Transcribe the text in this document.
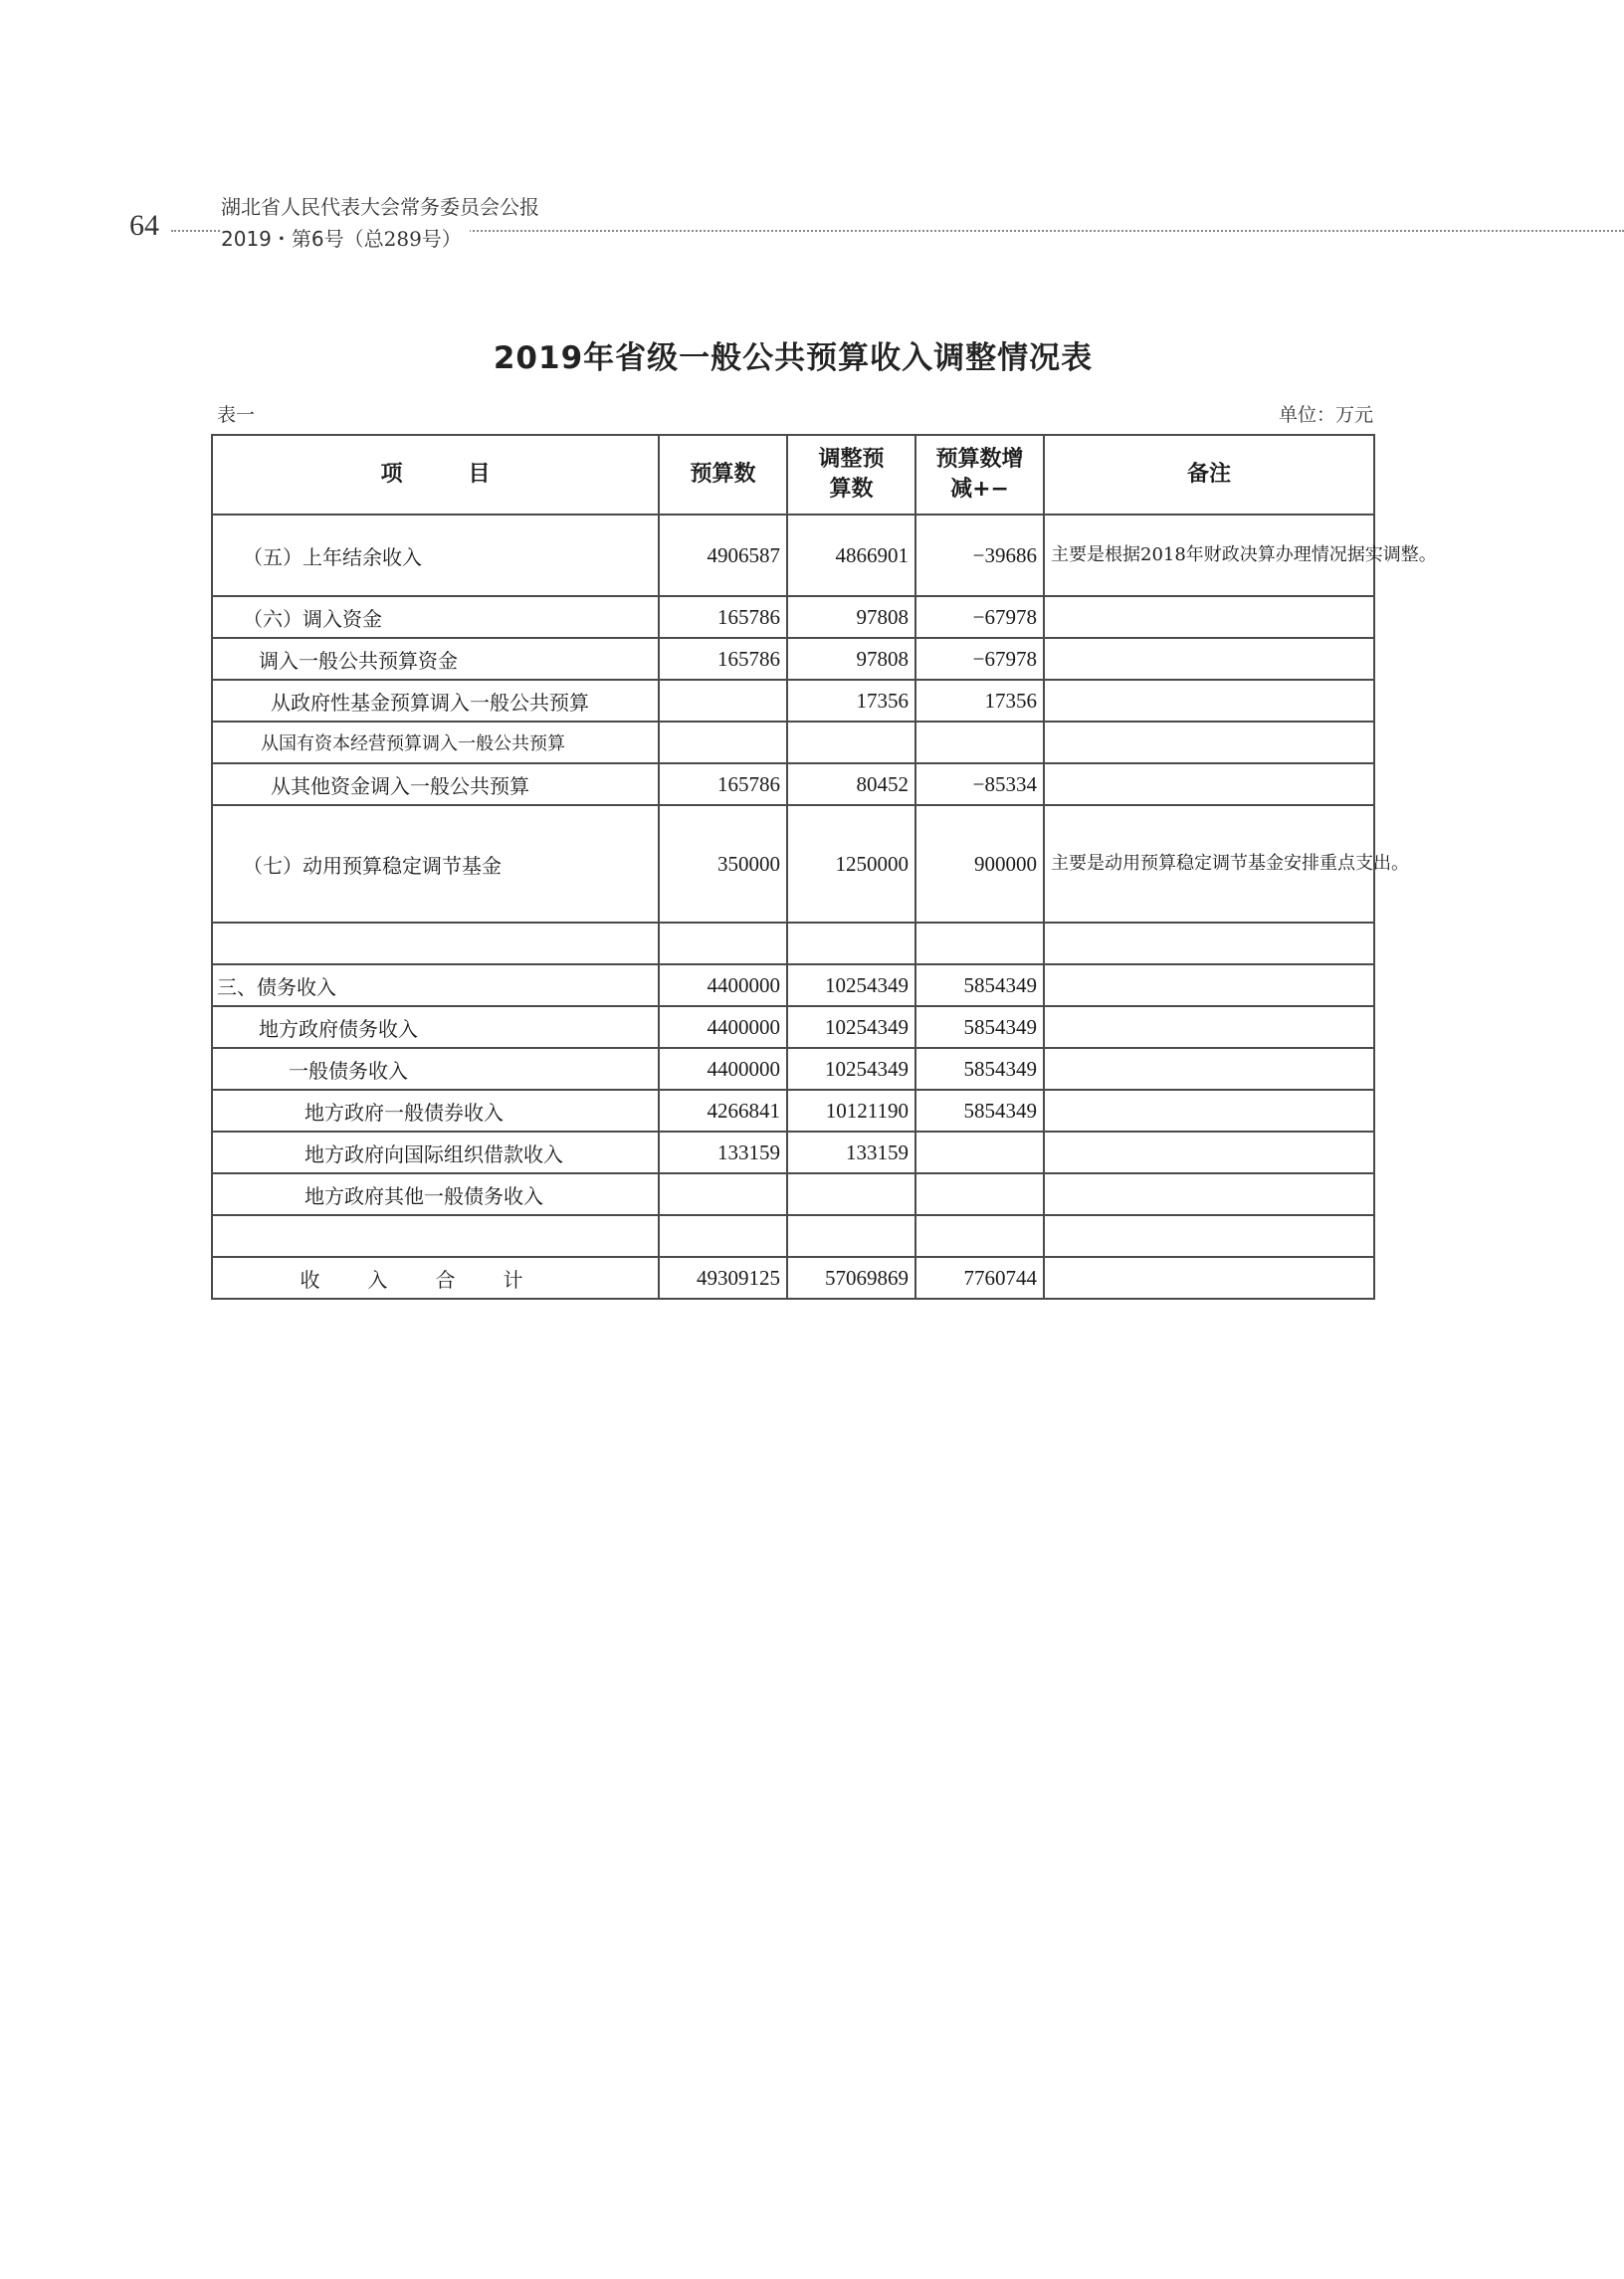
64
湖北省人民代表大会常务委员会公报
2019・第6号（总289号）
2019年省级一般公共预算收入调整情况表
表一	单位：万元
项　　　目	预算数	调整预算数	预算数增减+−	备注
（五）上年结余收入	4906587	4866901	−39686	主要是根据2018年财政决算办理情况据实调整。
（六）调入资金	165786	97808	−67978	
调入一般公共预算资金	165786	97808	−67978	
从政府性基金预算调入一般公共预算		17356	17356	
从国有资本经营预算调入一般公共预算				
从其他资金调入一般公共预算	165786	80452	−85334	
（七）动用预算稳定调节基金	350000	1250000	900000	主要是动用预算稳定调节基金安排重点支出。

三、债务收入	4400000	10254349	5854349	
地方政府债务收入	4400000	10254349	5854349	
一般债务收入	4400000	10254349	5854349	
地方政府一般债券收入	4266841	10121190	5854349	
地方政府向国际组织借款收入	133159	133159		
地方政府其他一般债务收入				

收入合计	49309125	57069869	7760744	
